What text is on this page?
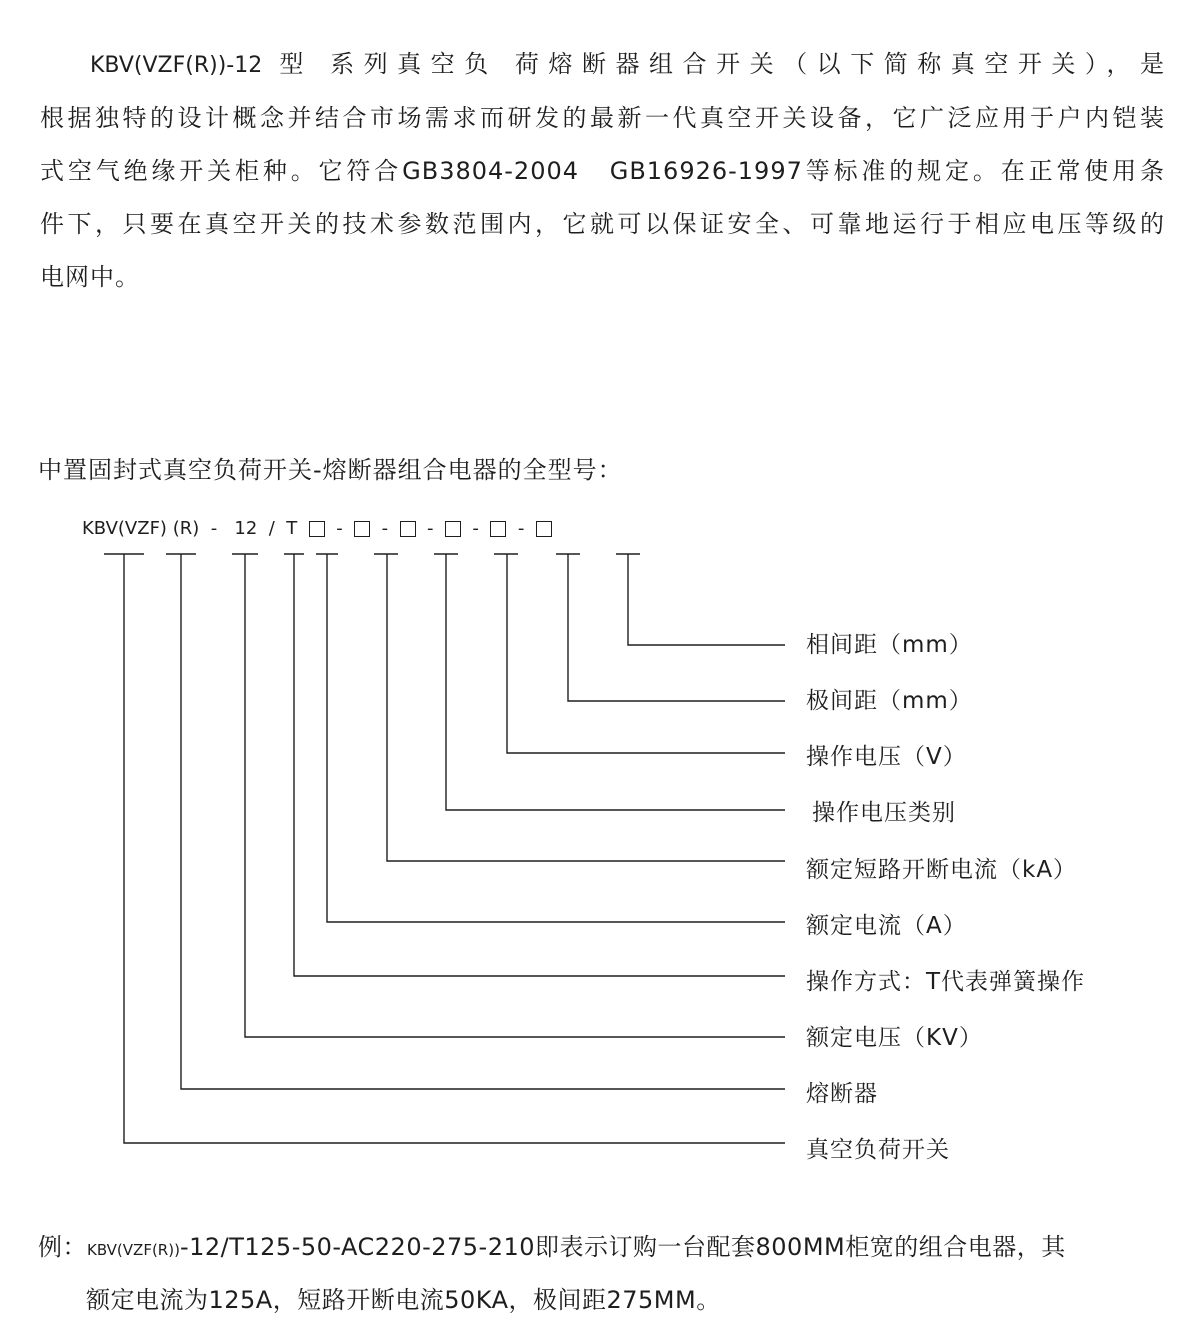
KBV(VZF(R))-12 型 系列真空负 荷熔断器组合开关（以下简称真空开关），是

根据独特的设计概念并结合市场需求而研发的最新一代真空开关设备，它广泛应用于户内铠装

式空气绝缘开关柜种。它符合GB3804-2004　GB16926-1997等标准的规定。在正常使用条

件下，只要在真空开关的技术参数范围内，它就可以保证安全、可靠地运行于相应电压等级的

电网中。

中置固封式真空负荷开关-熔断器组合电器的全型号：
KBV(VZF) (R) - 12 / T - - - - -
相间距（mm）
极间距（mm）
操作电压（V）
操作电压类别
额定短路开断电流（kA）
额定电流（A）
操作方式：T代表弹簧操作
额定电压（KV）
熔断器
真空负荷开关

例：KBV(VZF(R))-12/T125-50-AC220-275-210即表示订购一台配套800MM柜宽的组合电器，其

额定电流为125A，短路开断电流50KA，极间距275MM。
